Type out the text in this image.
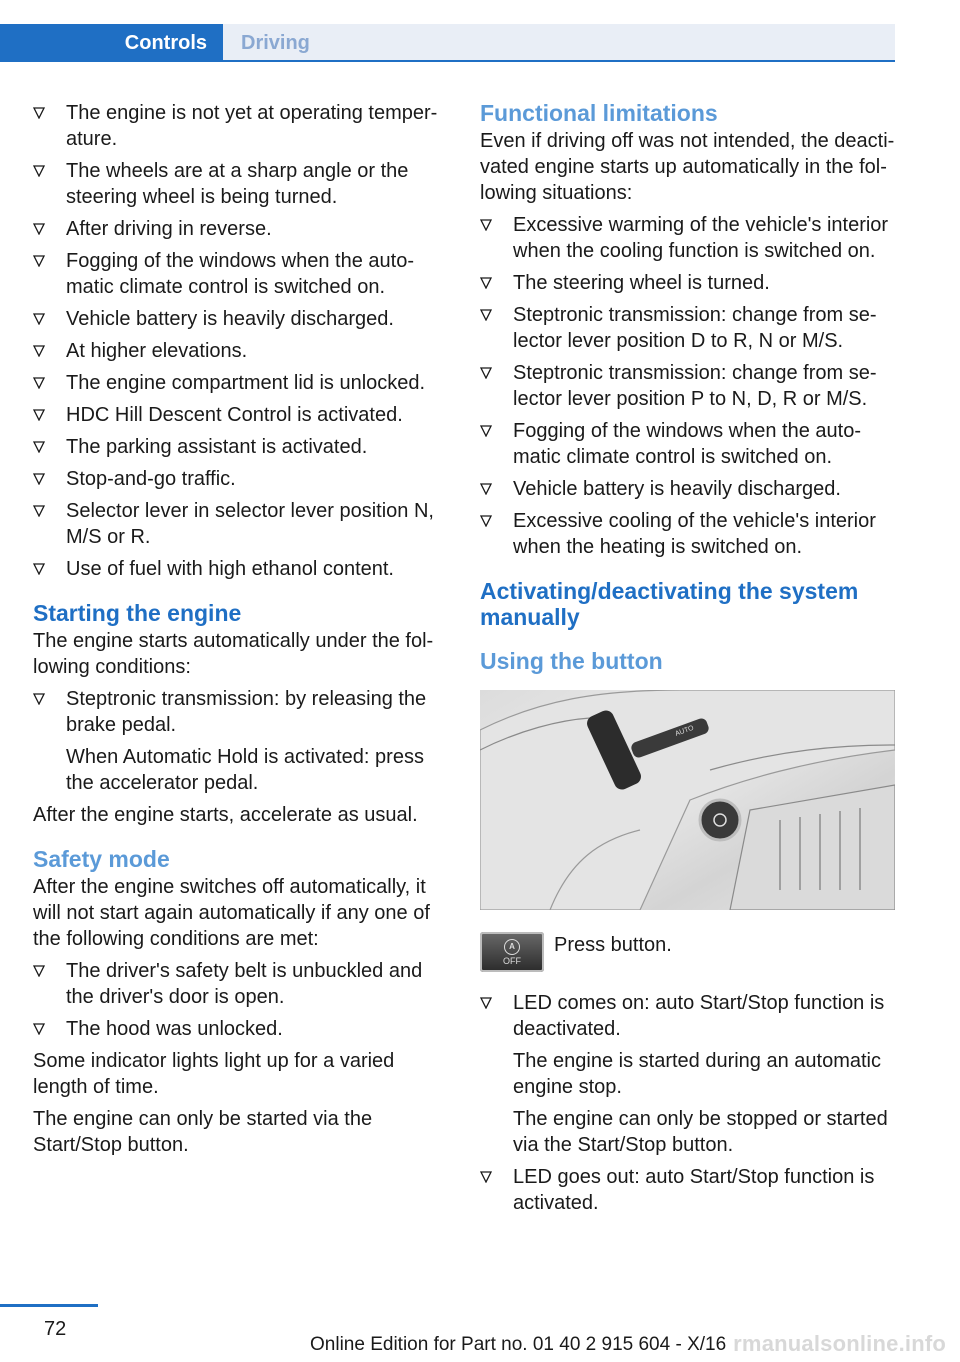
Controls Driving
The engine is not yet at operating temper‐ature.
The wheels are at a sharp angle or the steering wheel is being turned.
After driving in reverse.
Fogging of the windows when the auto‐matic climate control is switched on.
Vehicle battery is heavily discharged.
At higher elevations.
The engine compartment lid is unlocked.
HDC Hill Descent Control is activated.
The parking assistant is activated.
Stop-and-go traffic.
Selector lever in selector lever position N, M/S or R.
Use of fuel with high ethanol content.
Starting the engine

The engine starts automatically under the fol‐lowing conditions:

Steptronic transmission: by releasing the brake pedal.
When Automatic Hold is activated: press the accelerator pedal.

After the engine starts, accelerate as usual.

Safety mode

After the engine switches off automatically, it will not start again automatically if any one of the following conditions are met:

The driver's safety belt is unbuckled and the driver's door is open.
The hood was unlocked.

Some indicator lights light up for a varied length of time.

The engine can only be started via the Start/Stop button.

Functional limitations

Even if driving off was not intended, the deacti‐vated engine starts up automatically in the fol‐lowing situations:

Excessive warming of the vehicle's interior when the cooling function is switched on.
The steering wheel is turned.
Steptronic transmission: change from se‐lector lever position D to R, N or M/S.
Steptronic transmission: change from se‐lector lever position P to N, D, R or M/S.
Fogging of the windows when the auto‐matic climate control is switched on.
Vehicle battery is heavily discharged.
Excessive cooling of the vehicle's interior when the heating is switched on.
Activating/deactivating the system manually
Using the button
AUTO
A
OFF
Press button.
LED comes on: auto Start/Stop function is deactivated.
The engine is started during an automatic engine stop.
The engine can only be stopped or started via the Start/Stop button.
LED goes out: auto Start/Stop function is activated.
72
Online Edition for Part no. 01 40 2 915 604 - X/16 rmanualsonline.info
